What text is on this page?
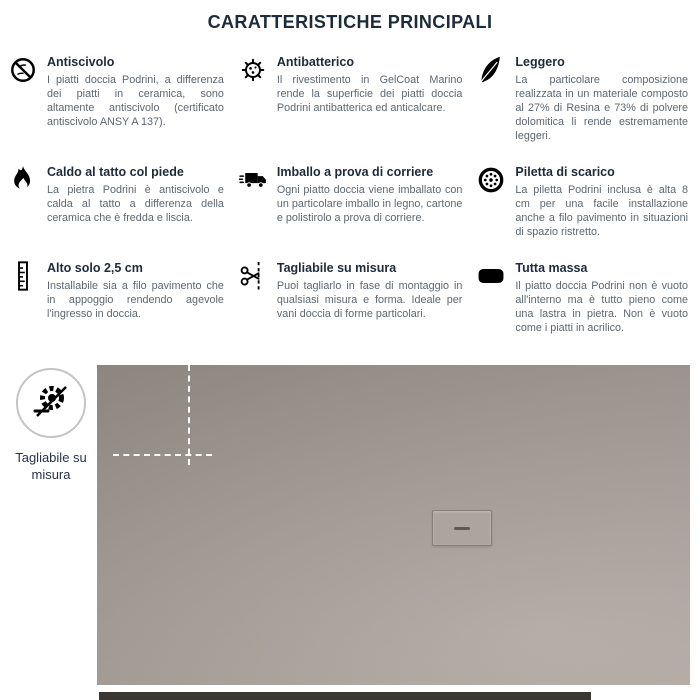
CARATTERISTICHE PRINCIPALI
Antiscivolo

I piatti doccia Podrini, a differenza dei piatti in ceramica, sono altamente antiscivolo (certificato antiscivolo ANSY A 137).

Antibatterico

Il rivestimento in GelCoat Marino rende la superficie dei piatti doccia Podrini antibatterica ed anticalcare.

Leggero

La particolare composizione realizzata in un materiale composto al 27% di Resina e 73% di polvere dolomitica li rende estremamente leggeri.

Caldo al tatto col piede

La pietra Podrini è antiscivolo e calda al tatto a differenza della ceramica che è fredda e liscia.

Imballo a prova di corriere

Ogni piatto doccia viene imballato con un particolare imballo in legno, cartone e polistirolo a prova di corriere.

Piletta di scarico

La piletta Podrini inclusa è alta 8 cm per una facile installazione anche a filo pavimento in situazioni di spazio ristretto.

Alto solo 2,5 cm

Installabile sia a filo pavimento che in appoggio rendendo agevole l'ingresso in doccia.

Tagliabile su misura

Puoi tagliarlo in fase di montaggio in qualsiasi misura e forma. Ideale per vani doccia di forme particolari.

Tutta massa

Il piatto doccia Podrini non è vuoto all'interno ma è tutto pieno come una lastra in pietra. Non è vuoto come i piatti in acrilico.

Tagliabile su misura
